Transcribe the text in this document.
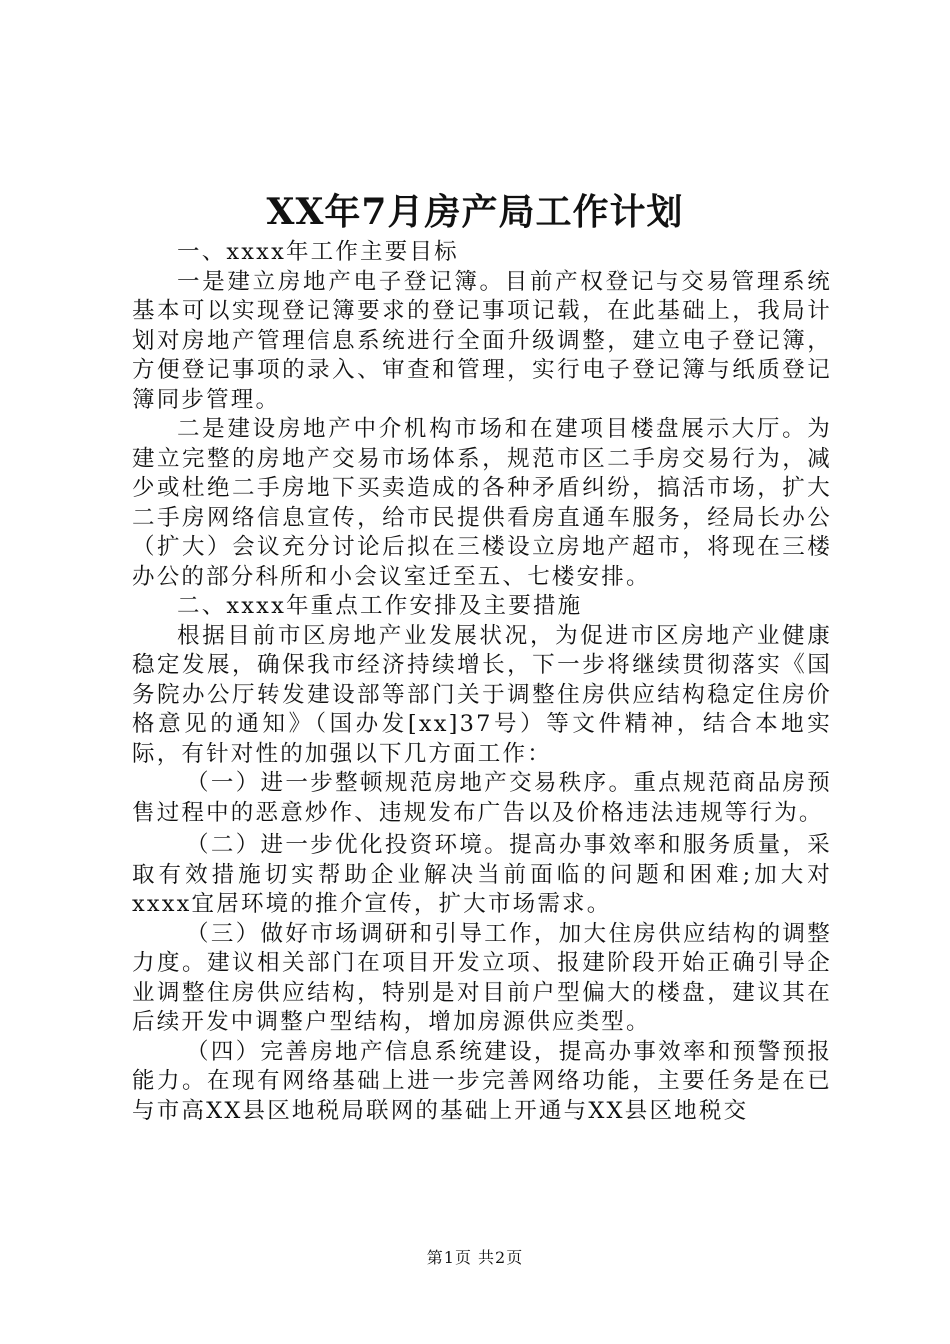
XX年7月房产局工作计划

一、xxxx年工作主要目标

一是建立房地产电子登记簿。目前产权登记与交易管理系统基本可以实现登记簿要求的登记事项记载，在此基础上，我局计划对房地产管理信息系统进行全面升级调整，建立电子登记簿，方便登记事项的录入、审查和管理，实行电子登记簿与纸质登记簿同步管理。

二是建设房地产中介机构市场和在建项目楼盘展示大厅。为建立完整的房地产交易市场体系，规范市区二手房交易行为，减少或杜绝二手房地下买卖造成的各种矛盾纠纷，搞活市场，扩大二手房网络信息宣传，给市民提供看房直通车服务，经局长办公（扩大）会议充分讨论后拟在三楼设立房地产超市，将现在三楼办公的部分科所和小会议室迁至五、七楼安排。

二、xxxx年重点工作安排及主要措施

根据目前市区房地产业发展状况，为促进市区房地产业健康稳定发展，确保我市经济持续增长，下一步将继续贯彻落实《国务院办公厅转发建设部等部门关于调整住房供应结构稳定住房价格意见的通知》（国办发[xx]37号）等文件精神，结合本地实际，有针对性的加强以下几方面工作：

（一）进一步整顿规范房地产交易秩序。重点规范商品房预售过程中的恶意炒作、违规发布广告以及价格违法违规等行为。

（二）进一步优化投资环境。提高办事效率和服务质量，采取有效措施切实帮助企业解决当前面临的问题和困难;加大对xxxx宜居环境的推介宣传，扩大市场需求。

（三）做好市场调研和引导工作，加大住房供应结构的调整力度。建议相关部门在项目开发立项、报建阶段开始正确引导企业调整住房供应结构，特别是对目前户型偏大的楼盘，建议其在后续开发中调整户型结构，增加房源供应类型。

（四）完善房地产信息系统建设，提高办事效率和预警预报能力。在现有网络基础上进一步完善网络功能，主要任务是在已与市高XX县区地税局联网的基础上开通与XX县区地税交

第1页 共2页
